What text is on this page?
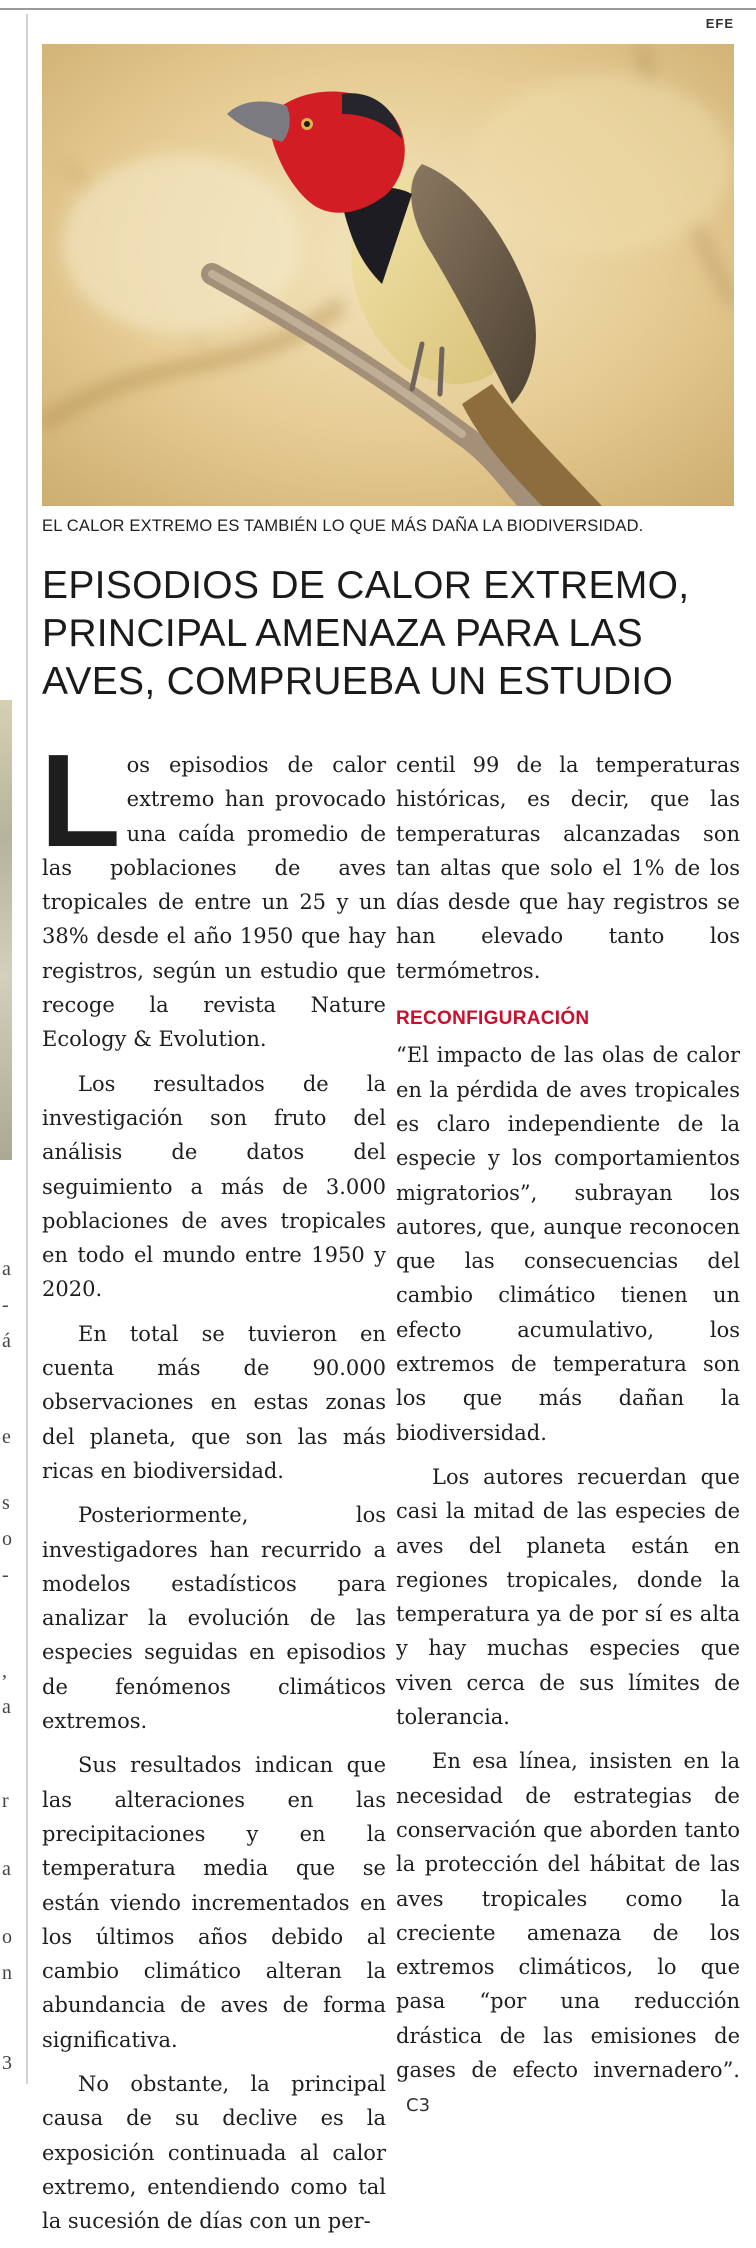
a
-
á
e
s
o
-
,
a
r
a
o
n
3
EFE
EL CALOR EXTREMO ES TAMBIÉN LO QUE MÁS DAÑA LA BIODIVERSIDAD.
EPISODIOS DE CALOR EXTREMO,
PRINCIPAL AMENAZA PARA LAS
AVES, COMPRUEBA UN ESTUDIO

L os episodios de calor extremo han provocado una caída promedio de las poblaciones de aves tropicales de entre un 25 y un 38% desde el año 1950 que hay registros, según un estudio que recoge la revista Nature Ecology & Evolution.

Los resultados de la investigación son fruto del análisis de datos del seguimiento a más de 3.000 poblaciones de aves tropicales en todo el mundo entre 1950 y 2020.

En total se tuvieron en cuenta más de 90.000 observaciones en estas zonas del planeta, que son las más ricas en biodiversidad.

Posteriormente, los investigadores han recurrido a modelos estadísticos para analizar la evolución de las especies seguidas en episodios de fenómenos climáticos extremos.

Sus resultados indican que las alteraciones en las precipitaciones y en la temperatura media que se están viendo incrementados en los últimos años debido al cambio climático alteran la abundancia de aves de forma significativa.

No obstante, la principal causa de su declive es la exposición continuada al calor extremo, entendiendo como tal la sucesión de días con un per-

centil 99 de la temperaturas históricas, es decir, que las temperaturas alcanzadas son tan altas que solo el 1% de los días desde que hay registros se han elevado tanto los termómetros.

RECONFIGURACIÓN

“El impacto de las olas de calor en la pérdida de aves tropicales es claro independiente de la especie y los comportamientos migratorios”, subrayan los autores, que, aunque reconocen que las consecuencias del cambio climático tienen un efecto acumulativo, los extremos de temperatura son los que más dañan la biodiversidad.

Los autores recuerdan que casi la mitad de las especies de aves del planeta están en regiones tropicales, donde la temperatura ya de por sí es alta y hay muchas especies que viven cerca de sus límites de tolerancia.

En esa línea, insisten en la necesidad de estrategias de conservación que aborden tanto la protección del hábitat de las aves tropicales como la creciente amenaza de los extremos climáticos, lo que pasa “por una reducción drástica de las emisiones de gases de efecto invernadero”. C3
